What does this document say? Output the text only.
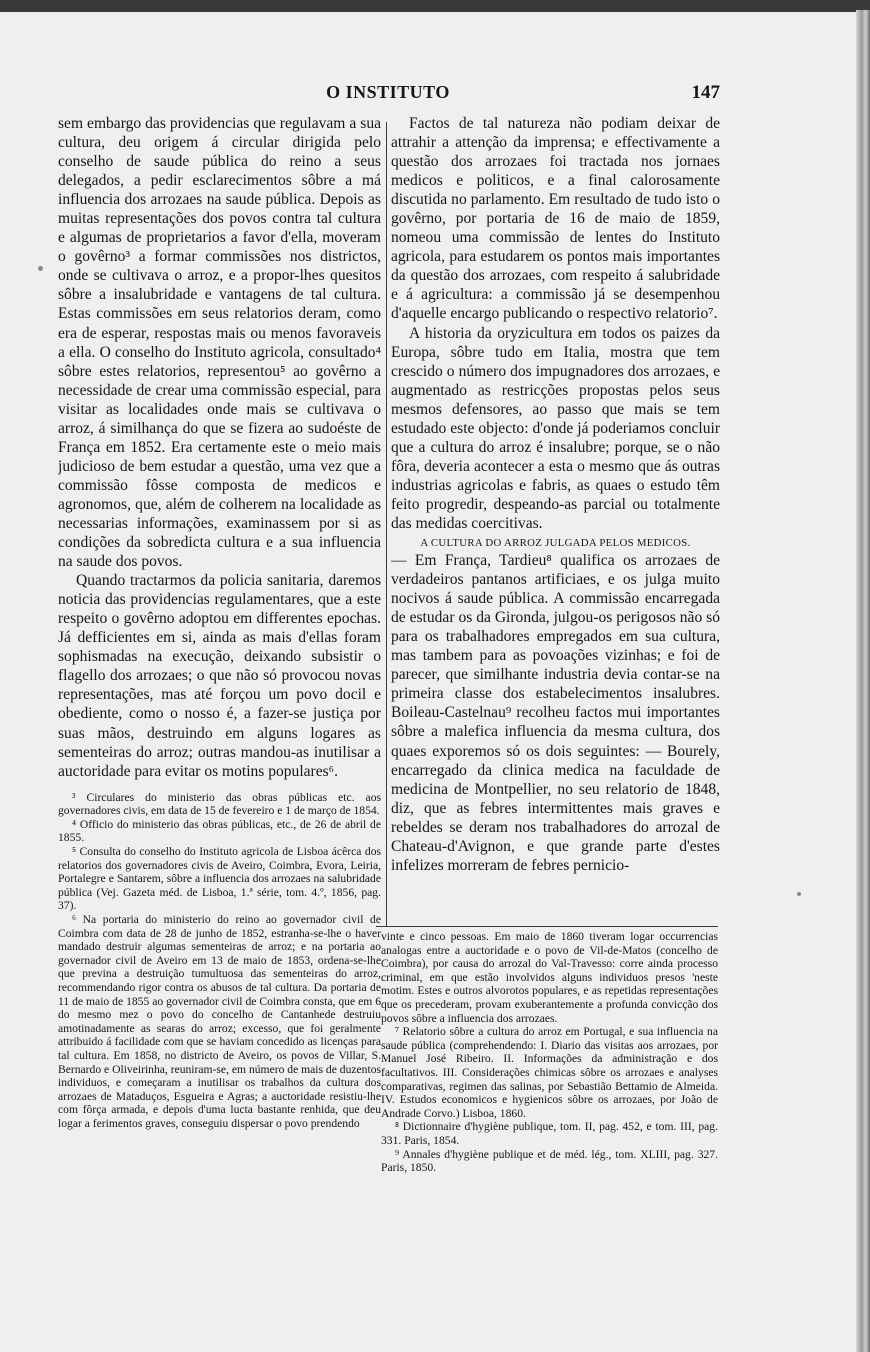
O INSTITUTO	147

sem embargo das providencias que regulavam a sua cultura, deu origem á circular dirigida pelo conselho de saude pública do reino a seus delegados, a pedir esclarecimentos sôbre a má influencia dos arrozaes na saude pública. Depois as muitas representações dos povos contra tal cultura e algumas de proprietarios a favor d'ella, moveram o govêrno³ a formar commissões nos districtos, onde se cultivava o arroz, e a propor-lhes quesitos sôbre a insalubridade e vantagens de tal cultura. Estas commissões em seus relatorios deram, como era de esperar, respostas mais ou menos favoraveis a ella. O conselho do Instituto agricola, consultado⁴ sôbre estes relatorios, representou⁵ ao govêrno a necessidade de crear uma commissão especial, para visitar as localidades onde mais se cultivava o arroz, á similhança do que se fizera ao sudoéste de França em 1852. Era certamente este o meio mais judicioso de bem estudar a questão, uma vez que a commissão fôsse composta de medicos e agronomos, que, além de colherem na localidade as necessarias informações, examinassem por si as condições da sobredicta cultura e a sua influencia na saude dos povos.

Quando tractarmos da policia sanitaria, daremos noticia das providencias regulamentares, que a este respeito o govêrno adoptou em differentes epochas. Já defficientes em si, ainda as mais d'ellas foram sophismadas na execução, deixando subsistir o flagello dos arrozaes; o que não só provocou novas representações, mas até forçou um povo docil e obediente, como o nosso é, a fazer-se justiça por suas mãos, destruindo em alguns logares as sementeiras do arroz; outras mandou-as inutilisar a auctoridade para evitar os motins populares⁶.

³ Circulares do ministerio das obras públicas etc. aos governadores civis, em data de 15 de fevereiro e 1 de março de 1854.

⁴ Officio do ministerio das obras públicas, etc., de 26 de abril de 1855.

⁵ Consulta do conselho do Instituto agricola de Lisboa ácêrca dos relatorios dos governadores civis de Aveiro, Coimbra, Evora, Leiria, Portalegre e Santarem, sôbre a influencia dos arrozaes na salubridade pública (Vej. Gazeta méd. de Lisboa, 1.ª série, tom. 4.º, 1856, pag. 37).

⁶ Na portaria do ministerio do reino ao governador civil de Coimbra com data de 28 de junho de 1852, estranha-se-lhe o haver mandado destruir algumas sementeiras de arroz; e na portaria ao governador civil de Aveiro em 13 de maio de 1853, ordena-se-lhe que previna a destruição tumultuosa das sementeiras do arroz, recommendando rigor contra os abusos de tal cultura. Da portaria de 11 de maio de 1855 ao governador civil de Coimbra consta, que em 6 do mesmo mez o povo do concelho de Cantanhede destruiu amotinadamente as searas do arroz; excesso, que foi geralmente attribuido á facilidade com que se haviam concedido as licenças para tal cultura. Em 1858, no districto de Aveiro, os povos de Villar, S. Bernardo e Oliveirinha, reuniram-se, em número de mais de duzentos individuos, e começaram a inutilisar os trabalhos da cultura dos arrozaes de Mataduços, Esgueira e Agras; a auctoridade resistiu-lhe com fôrça armada, e depois d'uma lucta bastante renhida, que deu logar a ferimentos graves, conseguiu dispersar o povo prendendo

Factos de tal natureza não podiam deixar de attrahir a attenção da imprensa; e effectivamente a questão dos arrozaes foi tractada nos jornaes medicos e politicos, e a final calorosamente discutida no parlamento. Em resultado de tudo isto o govêrno, por portaria de 16 de maio de 1859, nomeou uma commissão de lentes do Instituto agricola, para estudarem os pontos mais importantes da questão dos arrozaes, com respeito á salubridade e á agricultura: a commissão já se desempenhou d'aquelle encargo publicando o respectivo relatorio⁷.

A historia da oryzicultura em todos os paizes da Europa, sôbre tudo em Italia, mostra que tem crescido o número dos impugnadores dos arrozaes, e augmentado as restricções propostas pelos seus mesmos defensores, ao passo que mais se tem estudado este objecto: d'onde já poderiamos concluir que a cultura do arroz é insalubre; porque, se o não fôra, deveria acontecer a esta o mesmo que ás outras industrias agricolas e fabris, as quaes o estudo têm feito progredir, despeando-as parcial ou totalmente das medidas coercitivas.

A CULTURA DO ARROZ JULGADA PELOS MEDICOS.

— Em França, Tardieu⁸ qualifica os arrozaes de verdadeiros pantanos artificiaes, e os julga muito nocivos á saude pública. A commissão encarregada de estudar os da Gironda, julgou-os perigosos não só para os trabalhadores empregados em sua cultura, mas tambem para as povoações vizinhas; e foi de parecer, que similhante industria devia contar-se na primeira classe dos estabelecimentos insalubres. Boileau-Castelnau⁹ recolheu factos mui importantes sôbre a malefica influencia da mesma cultura, dos quaes exporemos só os dois seguintes: — Bourely, encarregado da clinica medica na faculdade de medicina de Montpellier, no seu relatorio de 1848, diz, que as febres intermittentes mais graves e rebeldes se deram nos trabalhadores do arrozal de Chateau-d'Avignon, e que grande parte d'estes infelizes morreram de febres pernicio-

vinte e cinco pessoas. Em maio de 1860 tiveram logar occurrencias analogas entre a auctoridade e o povo de Vil-de-Matos (concelho de Coimbra), por causa do arrozal do Val-Travesso: corre ainda processo criminal, em que estão involvidos alguns individuos presos 'neste motim. Estes e outros alvorotos populares, e as repetidas representações que os precederam, provam exuberantemente a profunda convicção dos povos sôbre a influencia dos arrozaes.

⁷ Relatorio sôbre a cultura do arroz em Portugal, e sua influencia na saude pública (comprehendendo: I. Diario das visitas aos arrozaes, por Manuel José Ribeiro. II. Informações da administração e dos facultativos. III. Considerações chimicas sôbre os arrozaes e analyses comparativas, regimen das salinas, por Sebastião Bettamio de Almeida. IV. Estudos economicos e hygienicos sôbre os arrozaes, por João de Andrade Corvo.) Lisboa, 1860.

⁸ Dictionnaire d'hygiène publique, tom. II, pag. 452, e tom. III, pag. 331. Paris, 1854.

⁹ Annales d'hygiène publique et de méd. lég., tom. XLIII, pag. 327. Paris, 1850.
